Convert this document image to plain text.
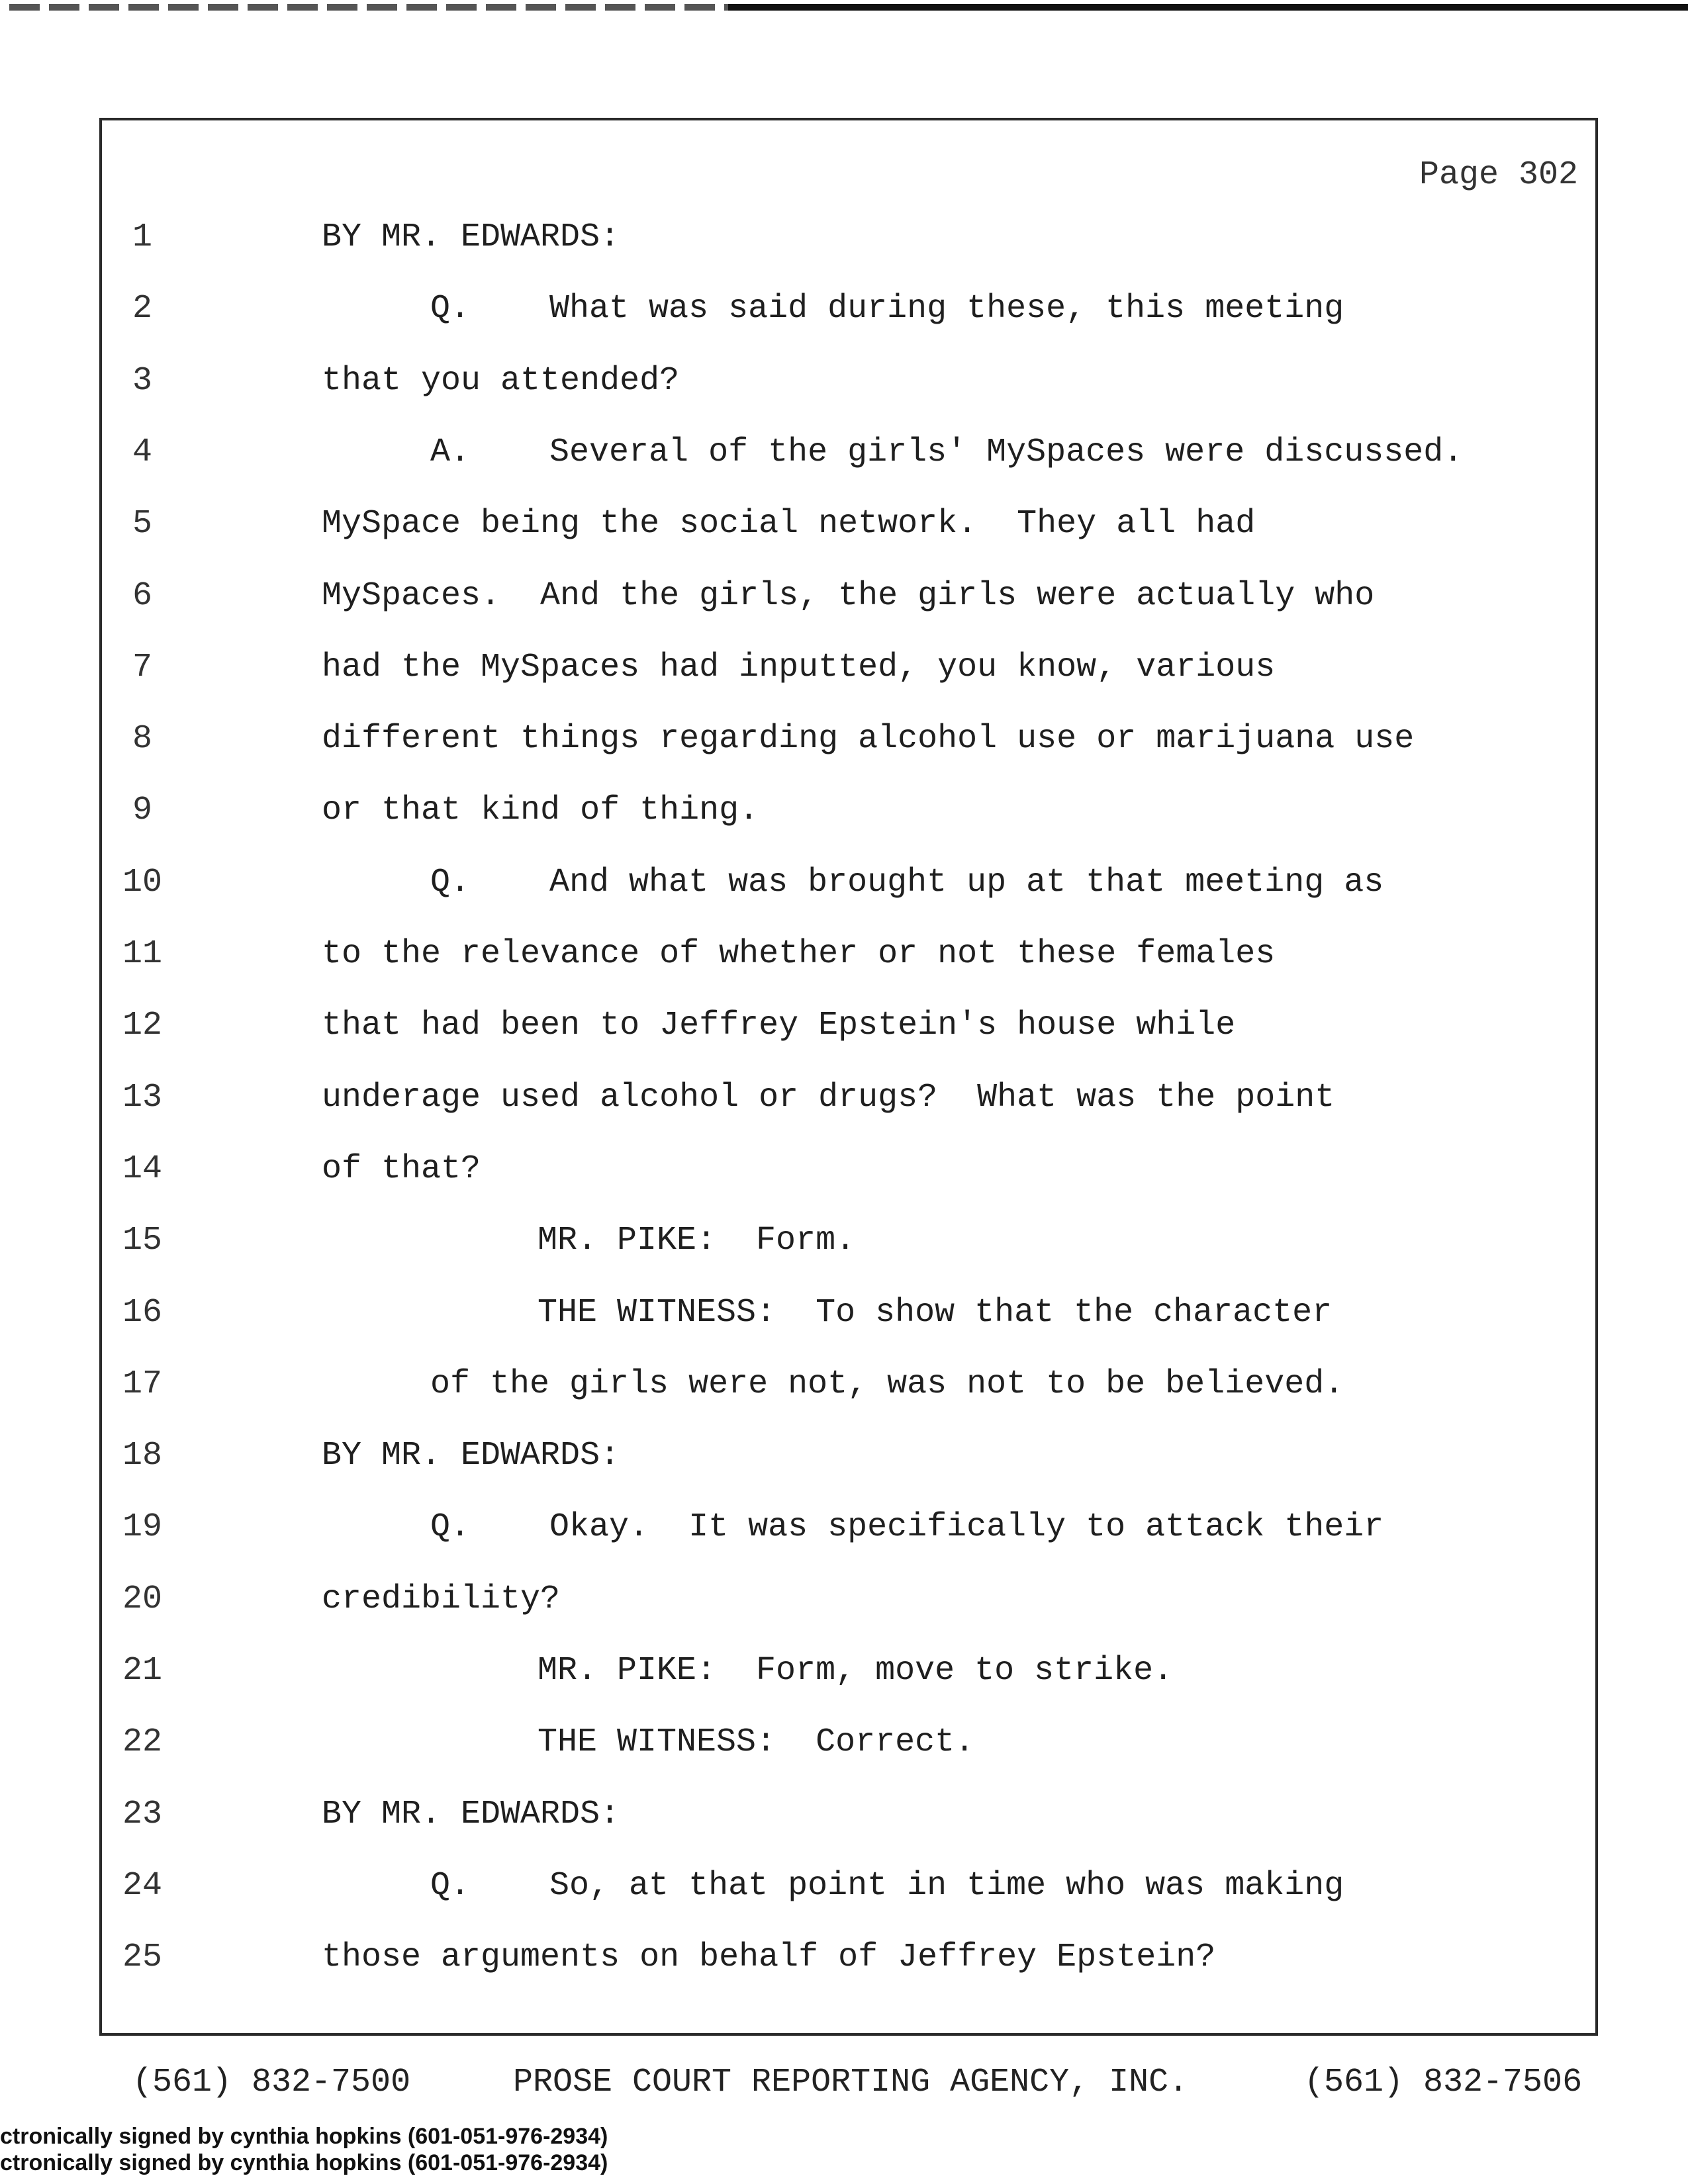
Page 302
1	BY MR. EDWARDS:
2	Q.    What was said during these, this meeting
3	that you attended?
4	A.    Several of the girls' MySpaces were discussed.
5	MySpace being the social network.  They all had
6	MySpaces.  And the girls, the girls were actually who
7	had the MySpaces had inputted, you know, various
8	different things regarding alcohol use or marijuana use
9	or that kind of thing.
10	Q.    And what was brought up at that meeting as
11	to the relevance of whether or not these females
12	that had been to Jeffrey Epstein's house while
13	underage used alcohol or drugs?  What was the point
14	of that?
15	MR. PIKE:  Form.
16	THE WITNESS:  To show that the character
17	of the girls were not, was not to be believed.
18	BY MR. EDWARDS:
19	Q.    Okay.  It was specifically to attack their
20	credibility?
21	MR. PIKE:  Form, move to strike.
22	THE WITNESS:  Correct.
23	BY MR. EDWARDS:
24	Q.    So, at that point in time who was making
25	those arguments on behalf of Jeffrey Epstein?
(561) 832-7500	PROSE COURT REPORTING AGENCY, INC.	(561) 832-7506
ctronically signed by cynthia hopkins (601-051-976-2934)
ctronically signed by cynthia hopkins (601-051-976-2934)
